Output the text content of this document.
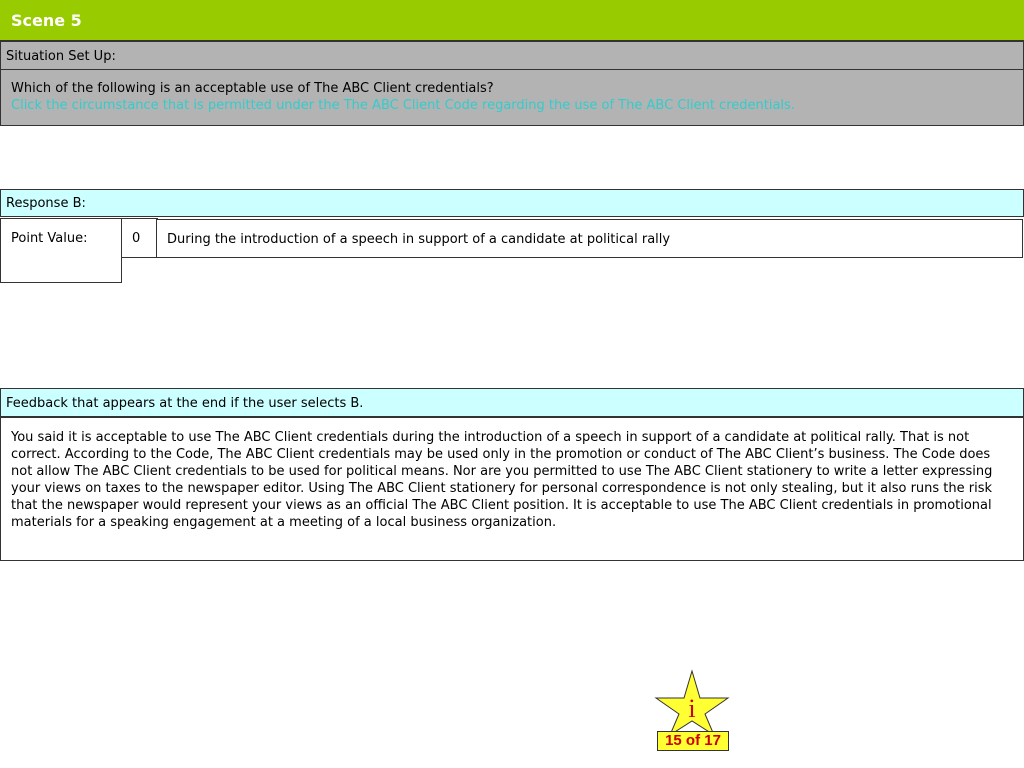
Scene 5
Situation Set Up:
Which of the following is an acceptable use of The ABC Client credentials?
Click the circumstance that is permitted under the The ABC Client Code regarding the use of The ABC Client credentials.
Response B:
Point Value:	0 During the introduction of a speech in support of a candidate at political rally
Feedback that appears at the end if the user selects B.
You said it is acceptable to use The ABC Client credentials during the introduction of a speech in support of a candidate at political rally. That is not correct. According to the Code, The ABC Client credentials may be used only in the promotion or conduct of The ABC Client’s business. The Code does not allow The ABC Client credentials to be used for political means. Nor are you permitted to use The ABC Client stationery to write a letter expressing your views on taxes to the newspaper editor. Using The ABC Client stationery for personal correspondence is not only stealing, but it also runs the risk that the newspaper would represent your views as an official The ABC Client position. It is acceptable to use The ABC Client credentials in promotional materials for a speaking engagement at a meeting of a local business organization.
i
15 of 17
